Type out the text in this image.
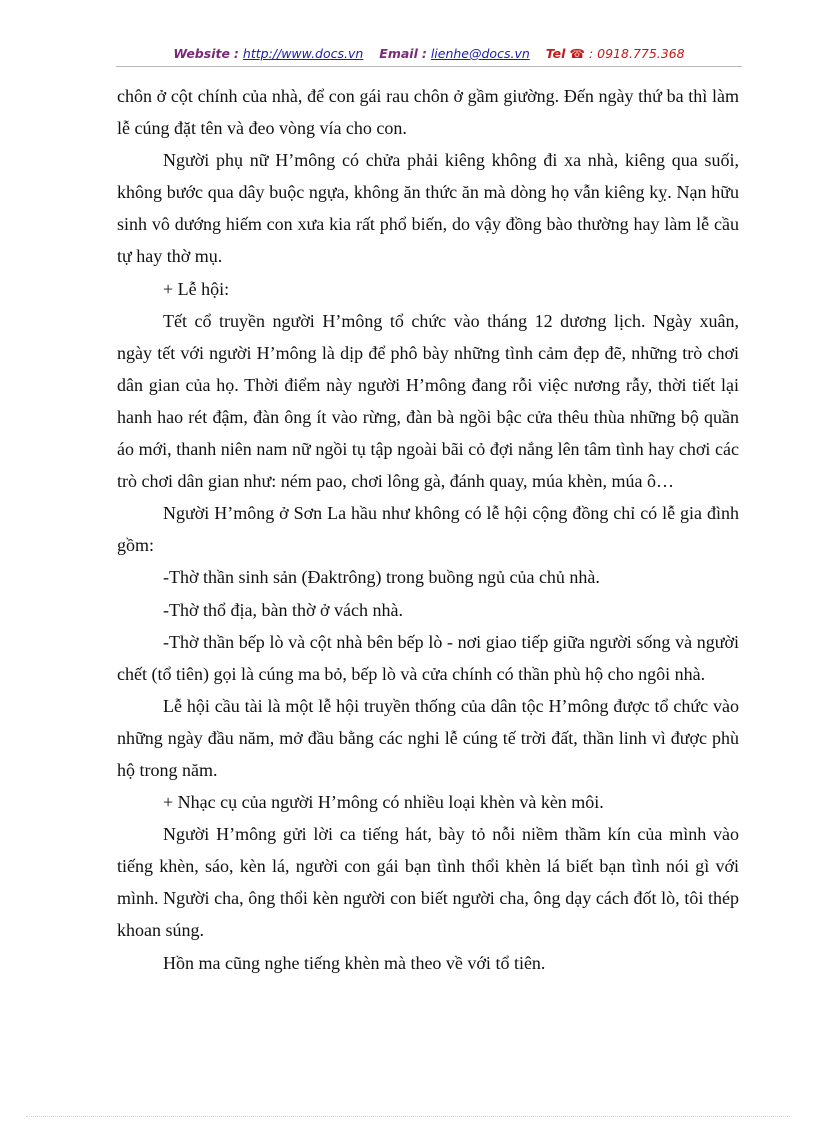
Website : http://www.docs.vn Email : lienhe@docs.vn Tel ☎ : 0918.775.368

chôn ở cột chính của nhà, để con gái rau chôn ở gầm giường. Đến ngày thứ ba thì làm lễ cúng đặt tên và đeo vòng vía cho con.

Người phụ nữ H’mông có chửa phải kiêng không đi xa nhà, kiêng qua suối, không bước qua dây buộc ngựa, không ăn thức ăn mà dòng họ vẫn kiêng kỵ. Nạn hữu sinh vô dướng hiếm con xưa kia rất phổ biến, do vậy đồng bào thường hay làm lễ cầu tự hay thờ mụ.

+ Lễ hội:

Tết cổ truyền người H’mông tổ chức vào tháng 12 dương lịch. Ngày xuân, ngày tết với người H’mông là dịp để phô bày những tình cảm đẹp đẽ, những trò chơi dân gian của họ. Thời điểm này người H’mông đang rỗi việc nương rẫy, thời tiết lại hanh hao rét đậm, đàn ông ít vào rừng, đàn bà ngồi bậc cửa thêu thùa những bộ quần áo mới, thanh niên nam nữ ngồi tụ tập ngoài bãi cỏ đợi nắng lên tâm tình hay chơi các trò chơi dân gian như: ném pao, chơi lông gà, đánh quay, múa khèn, múa ô…

Người H’mông ở Sơn La hầu như không có lễ hội cộng đồng chỉ có lễ gia đình gồm:

-Thờ thần sinh sản (Đaktrông) trong buồng ngủ của chủ nhà.

-Thờ thổ địa, bàn thờ ở vách nhà.

-Thờ thần bếp lò và cột nhà bên bếp lò - nơi giao tiếp giữa người sống và người chết (tổ tiên) gọi là cúng ma bỏ, bếp lò và cửa chính có thần phù hộ cho ngôi nhà.

Lễ hội cầu tài là một lễ hội truyền thống của dân tộc H’mông được tổ chức vào những ngày đầu năm, mở đầu bằng các nghi lễ cúng tế trời đất, thần linh vì được phù hộ trong năm.

+ Nhạc cụ của người H’mông có nhiều loại khèn và kèn môi.

Người H’mông gửi lời ca tiếng hát, bày tỏ nỗi niềm thầm kín của mình vào tiếng khèn, sáo, kèn lá, người con gái bạn tình thổi khèn lá biết bạn tình nói gì với mình. Người cha, ông thổi kèn người con biết người cha, ông dạy cách đốt lò, tôi thép khoan súng.

Hồn ma cũng nghe tiếng khèn mà theo về với tổ tiên.
